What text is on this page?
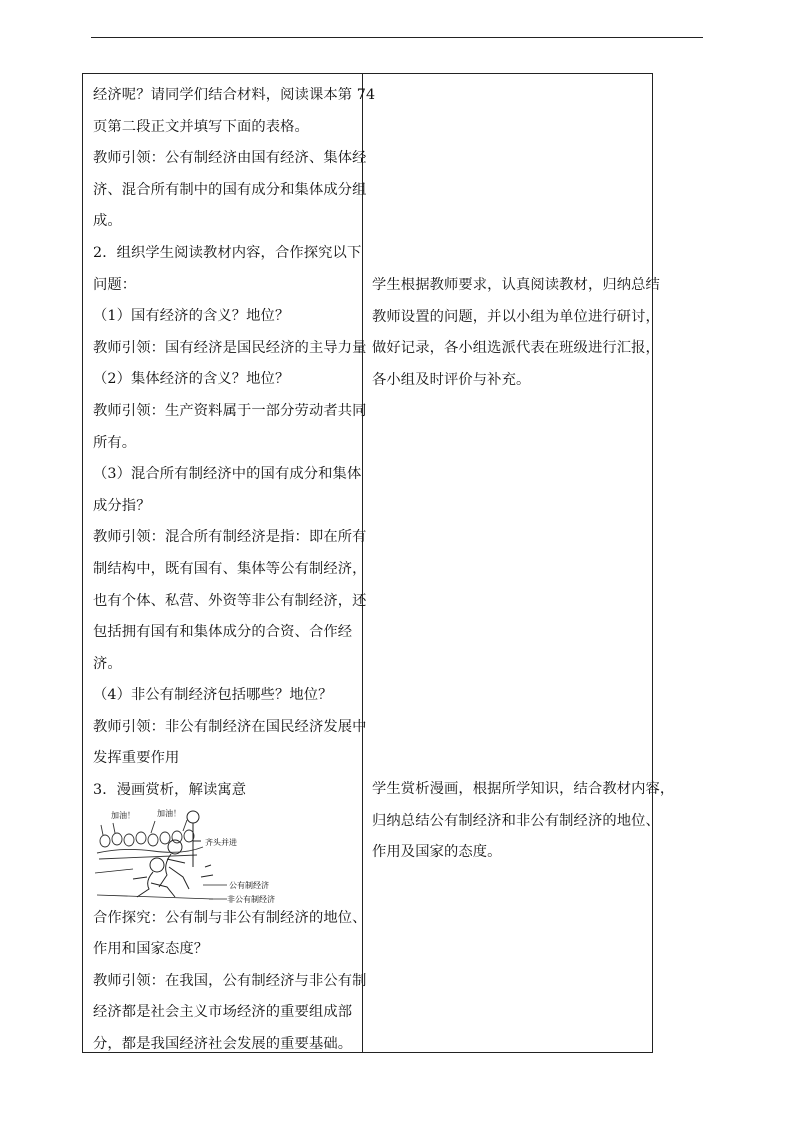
经济呢？请同学们结合材料，阅读课本第 74
页第二段正文并填写下面的表格。
教师引领：公有制经济由国有经济、集体经
济、混合所有制中的国有成分和集体成分组
成。
2．组织学生阅读教材内容，合作探究以下
问题：
（1）国有经济的含义？地位？
教师引领：国有经济是国民经济的主导力量
（2）集体经济的含义？地位？
教师引领：生产资料属于一部分劳动者共同
所有。
（3）混合所有制经济中的国有成分和集体
成分指？
教师引领：混合所有制经济是指：即在所有
制结构中，既有国有、集体等公有制经济，
也有个体、私营、外资等非公有制经济，还
包括拥有国有和集体成分的合资、合作经
济。
（4）非公有制经济包括哪些？地位？
教师引领：非公有制经济在国民经济发展中
发挥重要作用
3．漫画赏析，解读寓意
加油！	加油！
齐头并进
公有制经济
非公有制经济
合作探究：公有制与非公有制经济的地位、
作用和国家态度？
教师引领：在我国，公有制经济与非公有制
经济都是社会主义市场经济的重要组成部
分，都是我国经济社会发展的重要基础。
学生根据教师要求，认真阅读教材，归纳总结
教师设置的问题，并以小组为单位进行研讨，
做好记录，各小组选派代表在班级进行汇报，
各小组及时评价与补充。
学生赏析漫画，根据所学知识，结合教材内容，
归纳总结公有制经济和非公有制经济的地位、
作用及国家的态度。
